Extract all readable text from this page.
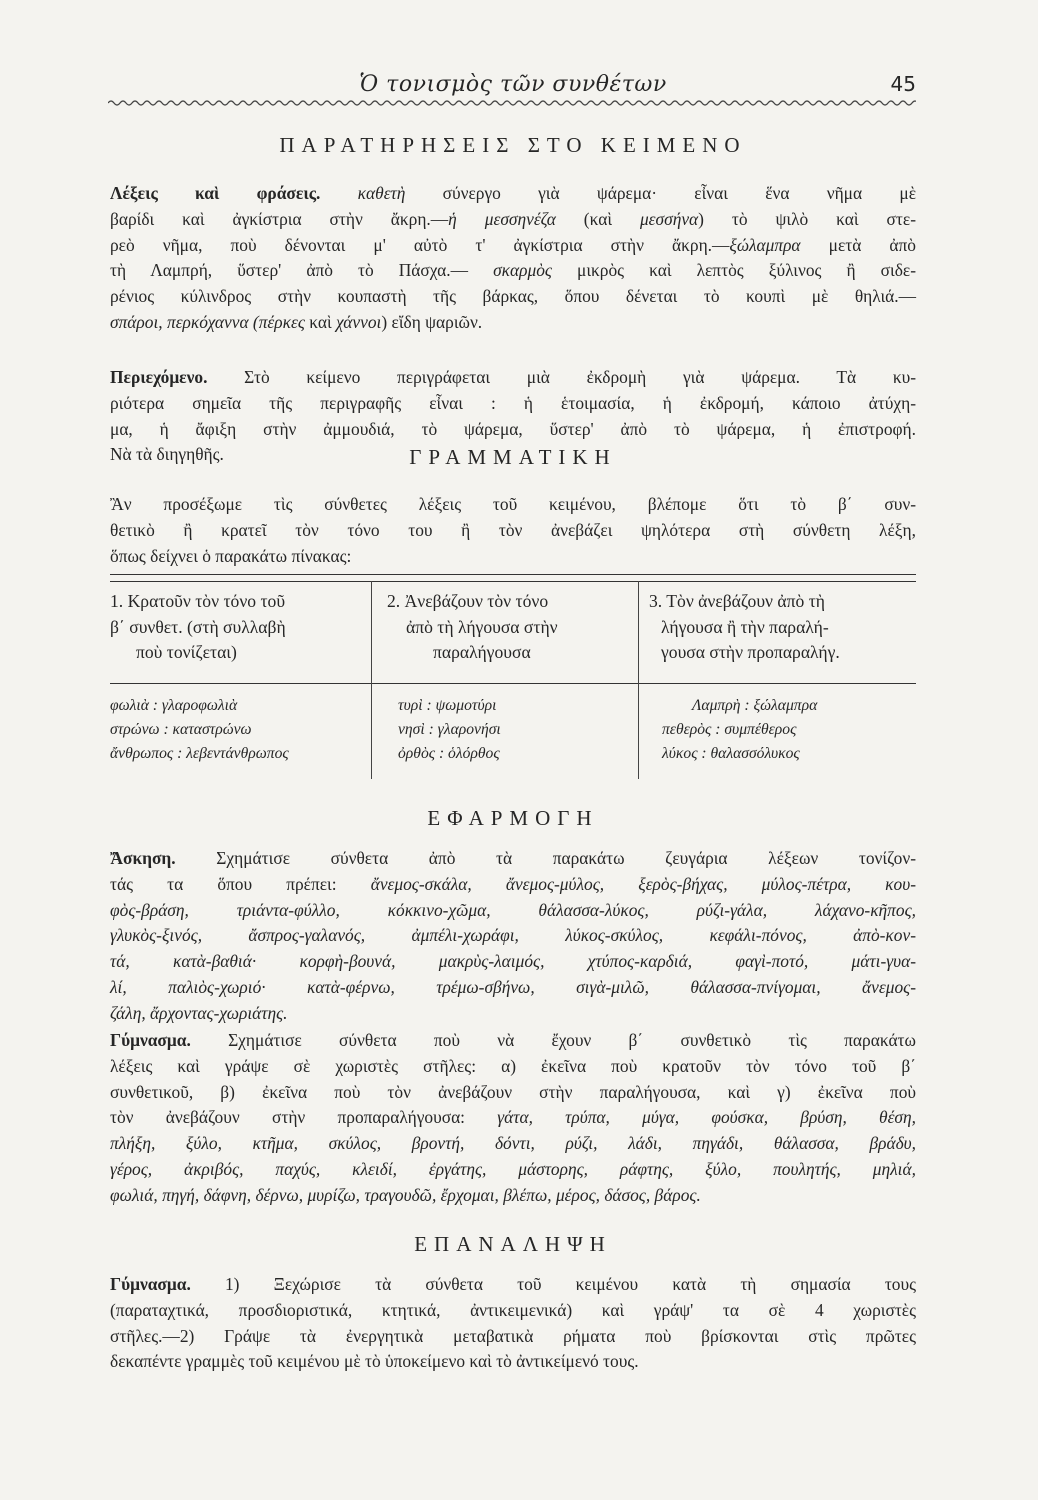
Ὁ τονισμὸς τῶν συνθέτων	45
ΠΑΡΑΤΗΡΗΣΕΙΣ ΣΤΟ ΚΕΙΜΕΝΟ
Λέξεις καὶ φράσεις. καθετὴ σύνεργο γιὰ ψάρεμα· εἶναι ἕνα νῆμα μὲ
βαρίδι καὶ ἀγκίστρια στὴν ἄκρη.—ἡ μεσσηνέζα (καὶ μεσσήνα) τὸ ψιλὸ καὶ στε-
ρεὸ νῆμα, ποὺ δένονται μ' αὐτὸ τ' ἀγκίστρια στὴν ἄκρη.—ξώλαμπρα μετὰ ἀπὸ
τὴ Λαμπρή, ὕστερ' ἀπὸ τὸ Πάσχα.— σκαρμὸς μικρὸς καὶ λεπτὸς ξύλινος ἢ σιδε-
ρένιος κύλινδρος στὴν κουπαστὴ τῆς βάρκας, ὅπου δένεται τὸ κουπὶ μὲ θηλιά.—
σπάροι, περκόχαννα (πέρκες καὶ χάννοι) εἴδη ψαριῶν.
Περιεχόμενο. Στὸ κείμενο περιγράφεται μιὰ ἐκδρομὴ γιὰ ψάρεμα. Τὰ κυ-
ριότερα σημεῖα τῆς περιγραφῆς εἶναι : ἡ ἑτοιμασία, ἡ ἐκδρομή, κάποιο ἀτύχη-
μα, ἡ ἄφιξη στὴν ἀμμουδιά, τὸ ψάρεμα, ὕστερ' ἀπὸ τὸ ψάρεμα, ἡ ἐπιστροφή.
Νὰ τὰ διηγηθῆς.	ΓΡΑΜΜΑΤΙΚΗ
Ἂν προσέξωμε τὶς σύνθετες λέξεις τοῦ κειμένου, βλέπομε ὅτι τὸ β΄ συν-
θετικὸ ἢ κρατεῖ τὸν τόνο του ἢ τὸν ἀνεβάζει ψηλότερα στὴ σύνθετη λέξη,
ὅπως δείχνει ὁ παρακάτω πίνακας:
1. Κρατοῦν τὸν τόνο τοῦ
β΄ συνθετ. (στὴ συλλαβὴ
ποὺ τονίζεται)
2. Ἀνεβάζουν τὸν τόνο
ἀπὸ τὴ λήγουσα στὴν
παραλήγουσα
3. Τὸν ἀνεβάζουν ἀπὸ τὴ
λήγουσα ἢ τὴν παραλή-
γουσα στὴν προπαραλήγ.
φωλιὰ : γλαροφωλιὰ
στρώνω : καταστρώνω
ἄνθρωπος : λεβεντάνθρωπος
τυρὶ : ψωμοτύρι
νησὶ : γλαρονήσι
ὀρθὸς : ὁλόρθος
Λαμπρὴ : ξώλαμπρα
πεθερὸς : συμπέθερος
λύκος : θαλασσόλυκος
ΕΦΑΡΜΟΓΗ
Ἄσκηση. Σχημάτισε σύνθετα ἀπὸ τὰ παρακάτω ζευγάρια λέξεων τονίζον-
τάς τα ὅπου πρέπει: ἄνεμος-σκάλα, ἄνεμος-μύλος, ξερὸς-βήχας, μύλος-πέτρα, κου-
φὸς-βράση, τριάντα-φύλλο, κόκκινο-χῶμα, θάλασσα-λύκος, ρύζι-γάλα, λάχανο-κῆπος,
γλυκὸς-ξινός, ἄσπρος-γαλανός, ἀμπέλι-χωράφι, λύκος-σκύλος, κεφάλι-πόνος, ἀπὸ-κον-
τά, κατὰ-βαθιά· κορφὴ-βουνά, μακρὺς-λαιμός, χτύπος-καρδιά, φαγὶ-ποτό, μάτι-γυα-
λί, παλιὸς-χωριό· κατὰ-φέρνω, τρέμω-σβήνω, σιγὰ-μιλῶ, θάλασσα-πνίγομαι, ἄνεμος-
ζάλη, ἄρχοντας-χωριάτης.
Γύμνασμα. Σχημάτισε σύνθετα ποὺ νὰ ἔχουν β΄ συνθετικὸ τὶς παρακάτω
λέξεις καὶ γράψε σὲ χωριστὲς στῆλες: α) ἐκεῖνα ποὺ κρατοῦν τὸν τόνο τοῦ β΄
συνθετικοῦ, β) ἐκεῖνα ποὺ τὸν ἀνεβάζουν στὴν παραλήγουσα, καὶ γ) ἐκεῖνα ποὺ
τὸν ἀνεβάζουν στὴν προπαραλήγουσα: γάτα, τρύπα, μύγα, φούσκα, βρύση, θέση,
πλήξη, ξύλο, κτῆμα, σκύλος, βροντή, δόντι, ρύζι, λάδι, πηγάδι, θάλασσα, βράδυ,
γέρος, ἀκριβός, παχύς, κλειδί, ἐργάτης, μάστορης, ράφτης, ξύλο, πουλητής, μηλιά,
φωλιά, πηγή, δάφνη, δέρνω, μυρίζω, τραγουδῶ, ἔρχομαι, βλέπω, μέρος, δάσος, βάρος.
ΕΠΑΝΑΛΗΨΗ
Γύμνασμα. 1) Ξεχώρισε τὰ σύνθετα τοῦ κειμένου κατὰ τὴ σημασία τους
(παραταχτικά, προσδιοριστικά, κτητικά, ἀντικειμενικά) καὶ γράψ' τα σὲ 4 χωριστὲς
στῆλες.—2) Γράψε τὰ ἐνεργητικὰ μεταβατικὰ ρήματα ποὺ βρίσκονται στὶς πρῶτες
δεκαπέντε γραμμὲς τοῦ κειμένου μὲ τὸ ὑποκείμενο καὶ τὸ ἀντικείμενό τους.
